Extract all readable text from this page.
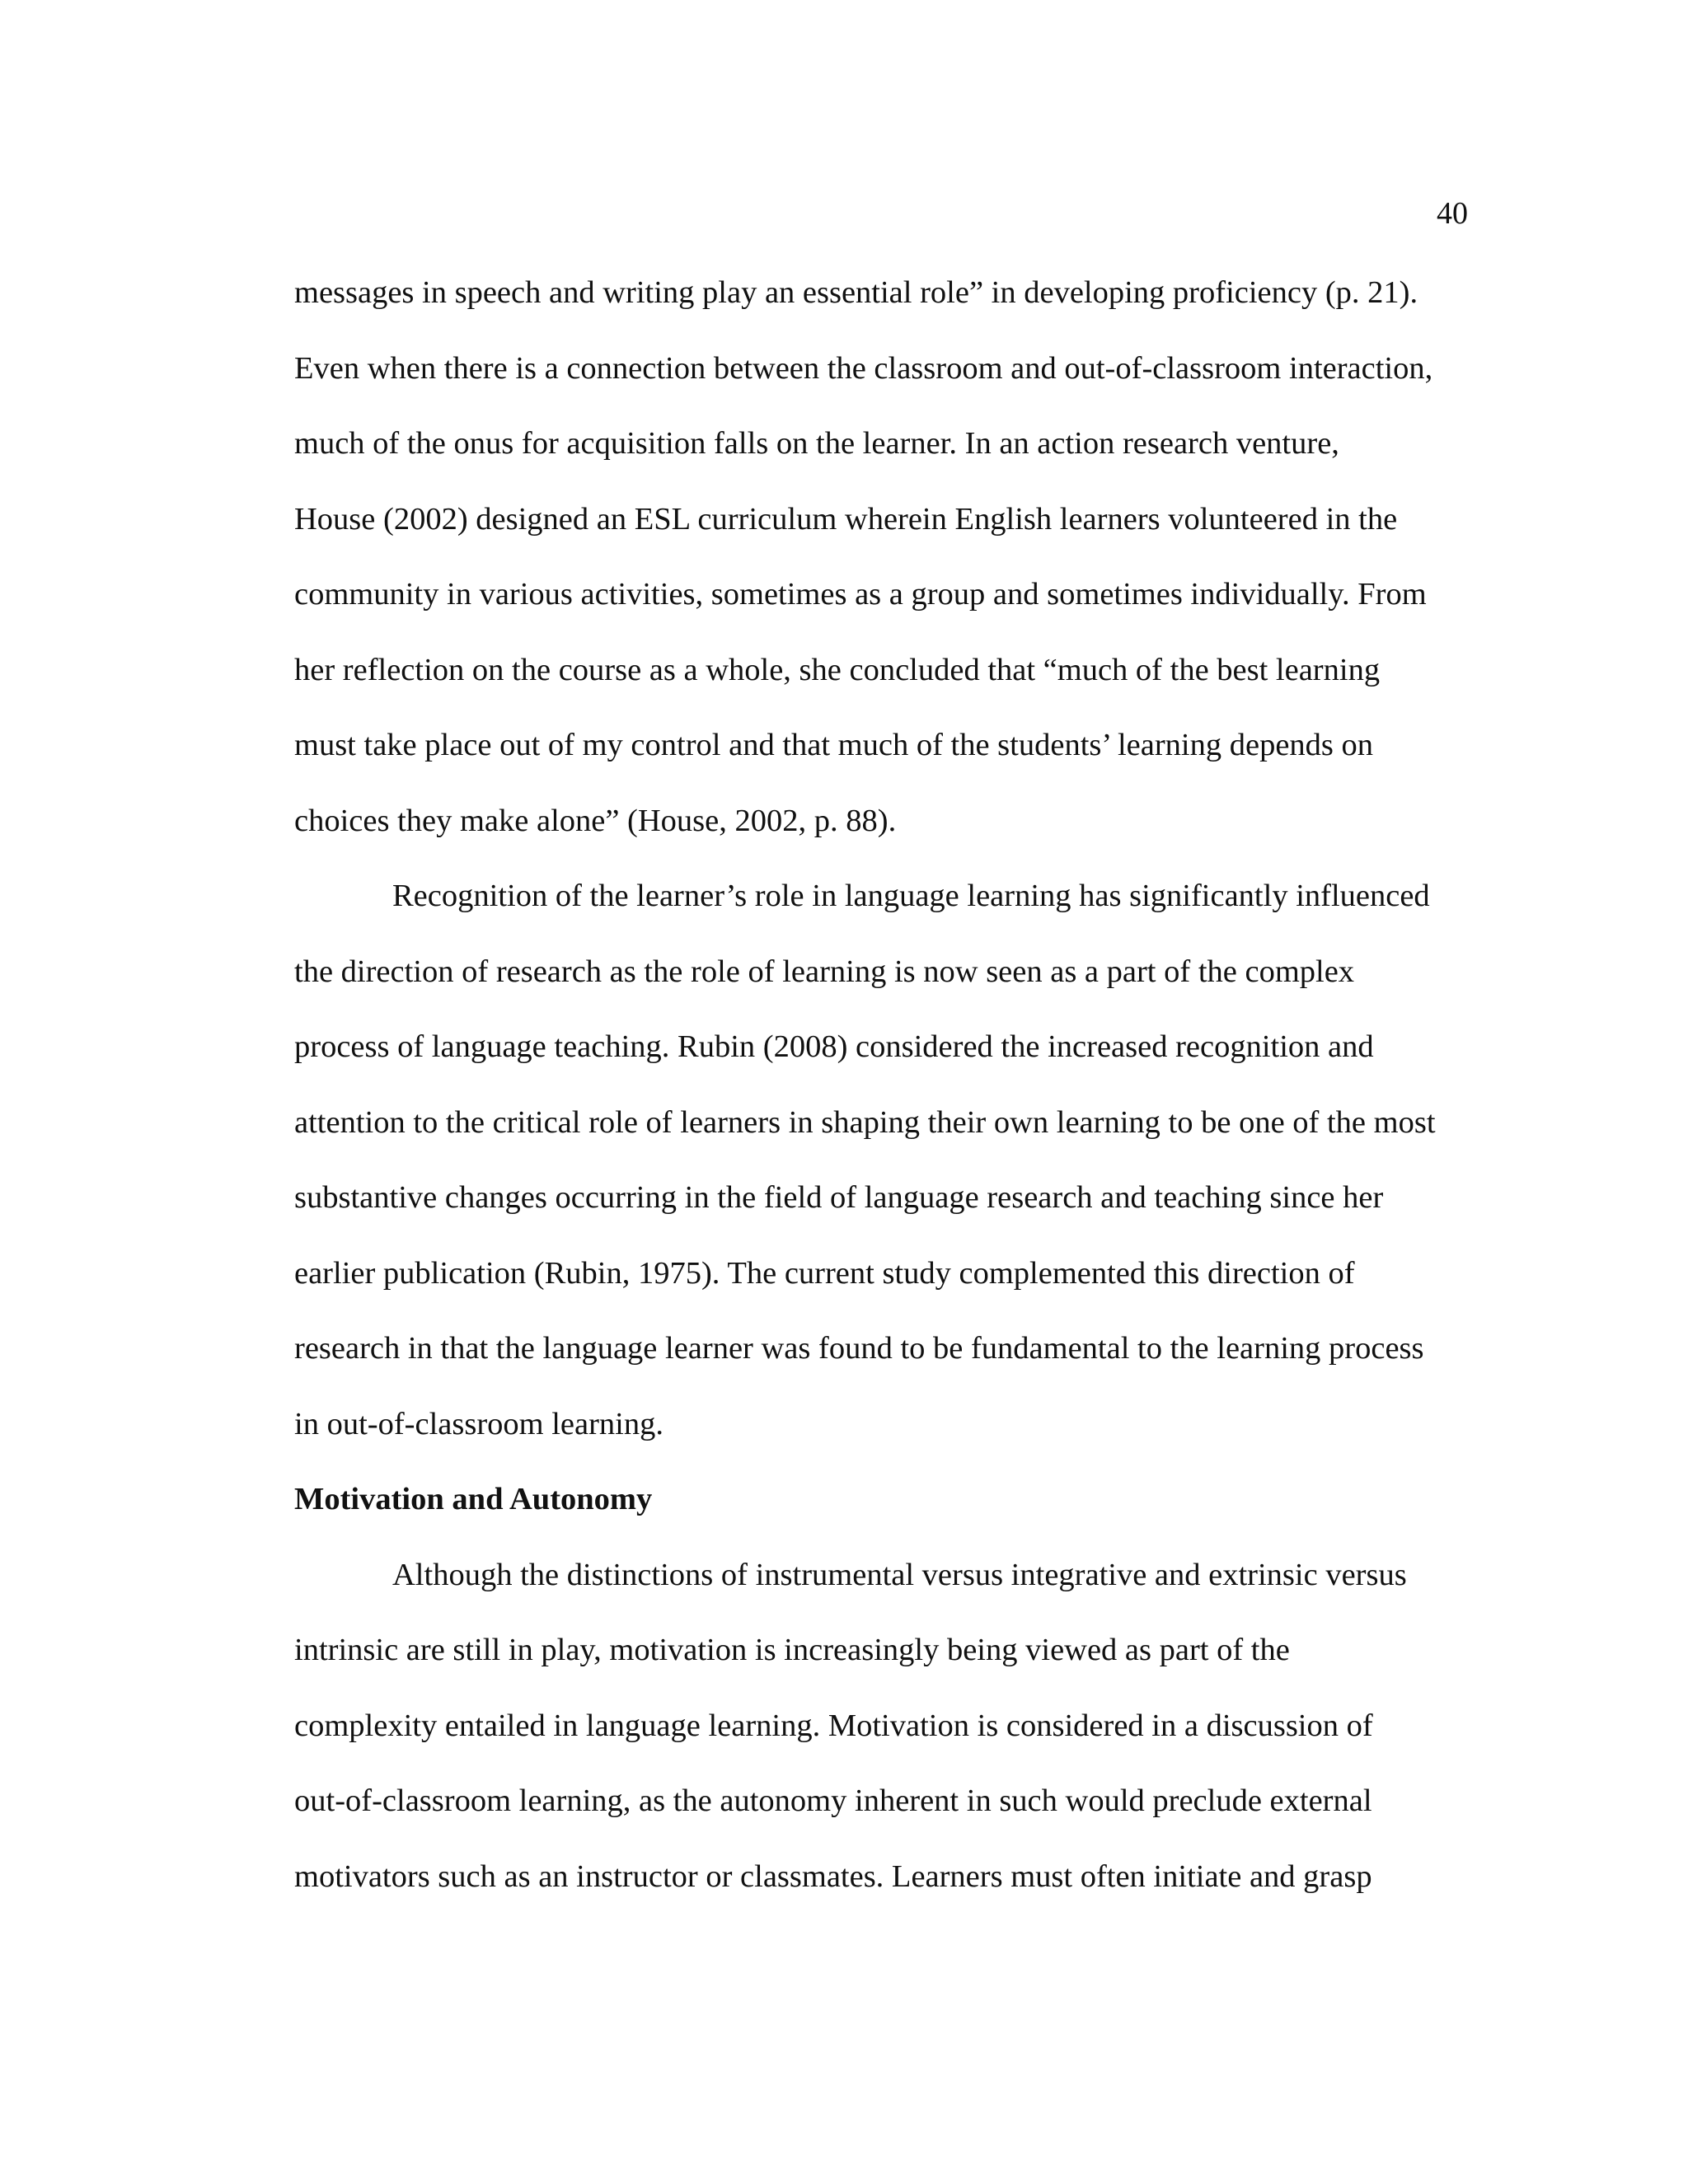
40
messages in speech and writing play an essential role” in developing proficiency (p. 21).
Even when there is a connection between the classroom and out-of-classroom interaction,
much of the onus for acquisition falls on the learner. In an action research venture,
House (2002) designed an ESL curriculum wherein English learners volunteered in the
community in various activities, sometimes as a group and sometimes individually. From
her reflection on the course as a whole, she concluded that “much of the best learning
must take place out of my control and that much of the students’ learning depends on
choices they make alone” (House, 2002, p. 88).
Recognition of the learner’s role in language learning has significantly influenced
the direction of research as the role of learning is now seen as a part of the complex
process of language teaching. Rubin (2008) considered the increased recognition and
attention to the critical role of learners in shaping their own learning to be one of the most
substantive changes occurring in the field of language research and teaching since her
earlier publication (Rubin, 1975). The current study complemented this direction of
research in that the language learner was found to be fundamental to the learning process
in out-of-classroom learning.
Motivation and Autonomy
Although the distinctions of instrumental versus integrative and extrinsic versus
intrinsic are still in play, motivation is increasingly being viewed as part of the
complexity entailed in language learning. Motivation is considered in a discussion of
out-of-classroom learning, as the autonomy inherent in such would preclude external
motivators such as an instructor or classmates. Learners must often initiate and grasp
